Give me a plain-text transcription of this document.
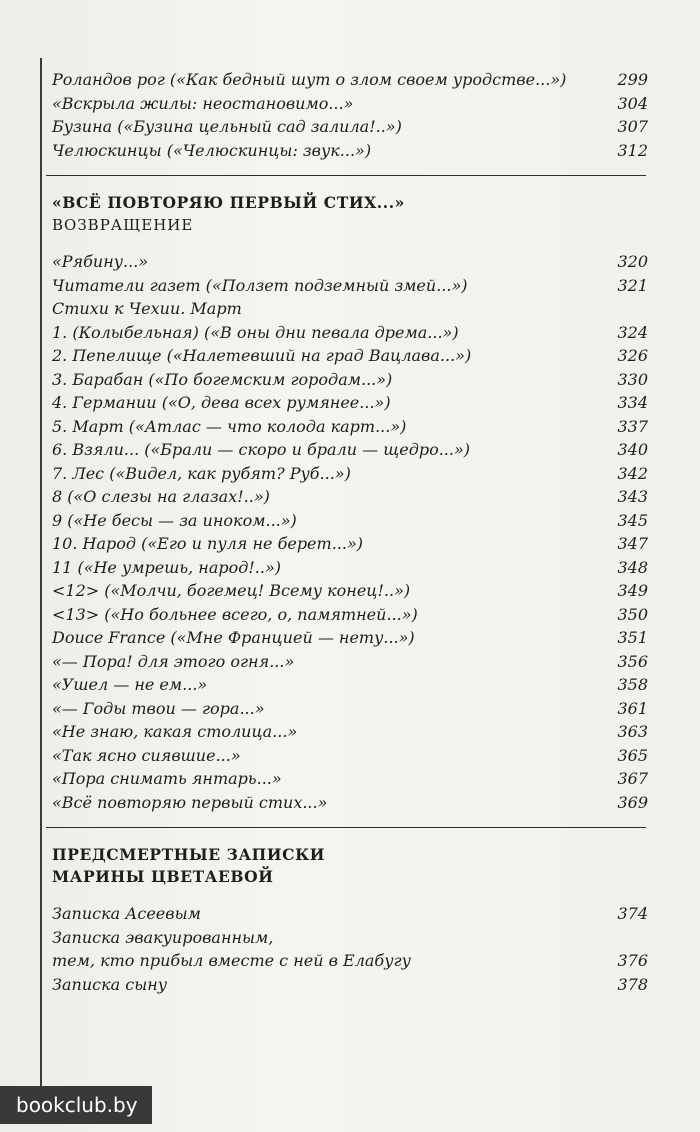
Роландов рог («Как бедный шут о злом своем уродстве...»)	299
«Вскрыла жилы: неостановимо...»	304
Бузина («Бузина цельный сад залила!..»)	307
Челюскинцы («Челюскинцы: звук...»)	312
«ВСЁ ПОВТОРЯЮ ПЕРВЫЙ СТИХ...»
ВОЗВРАЩЕНИЕ
«Рябину...»	320
Читатели газет («Ползет подземный змей...»)	321
Стихи к Чехии. Март
1. (Колыбельная) («В оны дни певала дрема...»)	324
2. Пепелище («Налетевший на град Вацлава...»)	326
3. Барабан («По богемским городам...»)	330
4. Германии («О, дева всех румянее...»)	334
5. Март («Атлас — что колода карт...»)	337
6. Взяли... («Брали — скоро и брали — щедро...»)	340
7. Лес («Видел, как рубят? Руб...»)	342
8 («О слезы на глазах!..»)	343
9 («Не бесы — за иноком...»)	345
10. Народ («Его и пуля не берет...»)	347
11 («Не умрешь, народ!..»)	348
<12> («Молчи, богемец! Всему конец!..»)	349
<13> («Но больнее всего, о, памятней...»)	350
Douce France («Мне Францией — нету...»)	351
«— Пора! для этого огня...»	356
«Ушел — не ем...»	358
«— Годы твои — гора...»	361
«Не знаю, какая столица...»	363
«Так ясно сиявшие...»	365
«Пора снимать янтарь...»	367
«Всё повторяю первый стих...»	369
ПРЕДСМЕРТНЫЕ ЗАПИСКИ
МАРИНЫ ЦВЕТАЕВОЙ
Записка Асеевым	374
Записка эвакуированным,
тем, кто прибыл вместе с ней в Елабугу	376
Записка сыну	378
bookclub.by
